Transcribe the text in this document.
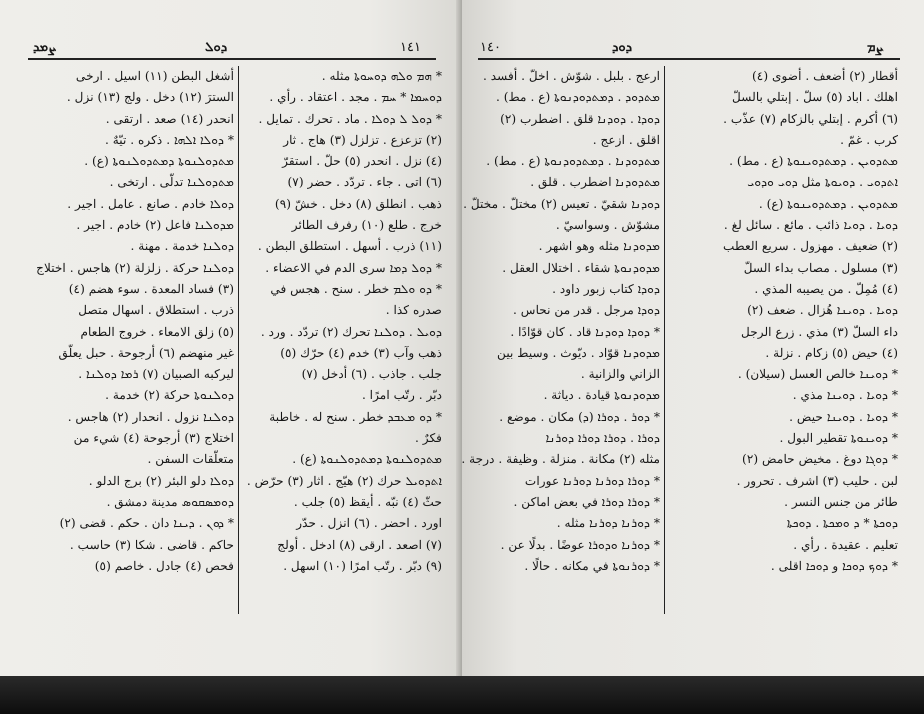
ܨܡܕ	ܕܘܠ	١٤١
أشغل البطن (١١) اسيل . ارخى
السترَ (١٢) دخل . ولج (١٣) نزل .
انحدر (١٤) صعد . ارتقى .
* ܕܘܠܐ ܐܠܗܐ . ذكره . تيّهٌ .
ܡܬܕܘܠܢܘܬܐ ܕܡܬܕܘܠܢܘܬܐ (ع) .
ܡܬܕܘܠܢܐ تدلّى . ارتخى .
ܕܘܠܐ خادم . صانع . عامل . اجير .
ܡܕܘܠܢܐ فاعل (٢) خادم . اجير .
ܕܘܠܢܐ خدمة . مهنة .
ܕܘܠܢܐ حركة . زلزلة (٢) هاجس . اختلاج
(٣) فساد المعدة . سوء هضم (٤)
ذرب . استطلاق . اسهال متصل
(٥) زلق الامعاء . خروج الطعام
غير منهضم (٦) أرجوحة . حبل يعلّق
ليركبه الصبيان (٧) ܪܡܐ ܕܘܠܢܐ .
ܕܘܠܢܘܬܐ حركة (٢) خدمة .
ܕܘܠܢܐ نزول . انحدار (٢) هاجس .
اختلاج (٣) أرجوحة (٤) شيء من
متعلّقات السفن .
ܕܘܠܐ دلو البئر (٢) برج الدلو .
ܕܘܡܣܩܘܣ مدينة دمشق .
* ܕܘܢ . ܕܝܢܐ دان . حكم . قضى (٢)
حاكم . قاضى . شكا (٣) حاسب .
فحص (٤) جادل . خاصم (٥)
* ܗܡ ܘܠܗ ܕܘܚܘܬܐ مثله .
ܕܘܚܡܐ * ܚܡ . مجد . اعتقاد . رأي .
* ܕܘܠ ܠ ܕܘܠܐ . ماد . تحرك . تمايل .
(٢) تزعزع . تزلزل (٣) هاج . ثار
(٤) نزل . انحدر (٥) حلّ . استقرّ
(٦) اتى . جاء . تردّد . حضر (٧)
ذهب . انطلق (٨) دخل . خشّ (٩)
خرج . طلع (١٠) رفرف الطائر
(١١) ذرب . أسهل . استطلق البطن .
* ܕܘܠ ܕܡܐ سرى الدم في الاعضاء .
* ܕܘ ܘܠܡ خطر . سنح . هجس في
صدره كذا .
ܕܘܝܠ . ܕܘܠܢܐ تحرك (٢) تردّد . ورد .
ذهب وآب (٣) خدم (٤) حرّك (٥)
جلب . جاذب . (٦) أدخل (٧)
دبّر . رتّب امرًا .
* ܕܘ ܡܥܒܕ خطر . سنح له . خاطبة
فكرٌ .
ܡܬܕܘܠܢܘܬܐ ܕܡܬܕܘܠܢܘܬܐ (ع) .
ܐܬܕܘܝܠ حرك (٢) هيّج . اثار (٣) حرّض .
حثّ (٤) نبّه . أيقظ (٥) جلب .
اورد . احضر . (٦) انزل . حدّر
(٧) اصعد . ارقى (٨) ادخل . أولج
(٩) دبّر . رتّب امرًا (١٠) اسهل .
١٤٠	ܕܘܕ	ܨܡ
ارعج . بلبل . شوّش . اخلّ . أفسد .
ܡܬܕܘܕ . ܕܡܬܕܘܕܢܘܬܐ (ع . مط) .
ܕܘܕܐ . ܕܘܕܢܐ قلق . اضطرب (٢)
اقلق . ازعج .
ܡܬܕܘܕܢܐ . ܕܡܬܕܘܕܢܘܬܐ (ع . مط) .
ܡܬܕܘܕܢܐ اضطرب . قلق .
ܕܘܕܢܐ شقيّ . تعيس (٢) مختلّ . مختلّ .
مشوّش . وسواسيّ .
ܡܕܘܕܢܐ مثله وهو اشهر .
ܡܕܘܕܢܘܬܐ شقاء . اختلال العقل .
ܕܘܕܐ كتاب زبور داود .
ܕܘܕܐ مرجل . قدر من نحاس .
* ܕܘܕܐ ܕܘܕܢܐ قاد . كان قوّادًا .
ܡܕܘܕܢܐ قوّاد . ديّوث . وسيط بين
الزاني والزانية .
ܡܕܘܕܢܘܬܐ قيادة . دياثة .
* ܕܘܪ . ܕܘܪܐ (ܕ) مكان . موضع .
ܕܘܪܐ . ܕܘܪܐ ܕܘܪܐ ܕܘܪܢܐ
مثله (٢) مكانة . منزلة . وظيفة . درجة .
* ܕܘܪܐ ܕܘܪܢܐ ܕܘܪܢܐ عورات
* ܕܘܪܐ ܕܘܪܐ في بعض اماكن .
* ܕܘܪܢܐ ܕܘܪܢܐ مثله .
* ܕܘܪܢܐ ܘܕܘܪܐ عوضًا . بدلًا عن .
* ܕܘܪܢܘܬܐ في مكانه . حالًا .
أقطار (٢) أضعف . أضوى (٤)
اهلك . اباد (٥) سلّ . إبتلي بالسلّ
(٦) أكرم . إبتلي بالزكام (٧) عذّب .
كرب . غمّ .
ܡܬܕܘܝܢ . ܕܡܬܕܘܝܢܘܬܐ (ع . مط) .
ܐܬܕܘܝ . ܕܘܝܘܬܐ مثل ܕܘܝ ܘܕܘܝ
ܡܬܕܘܝܢ . ܕܡܬܕܘܝܢܘܬܐ (ع) .
ܕܘܝܐ . ܕܘܝܐ ذائب . مائع . سائل لغ .
(٢) ضعيف . مهزول . سريع العطب
(٣) مسلول . مصاب بداء السلّ
(٤) مُمِلّ . من يصيبه المذي .
ܕܘܝܐ . ܕܘܝܢܐ هُزال . ضعف (٢)
داء السلّ (٣) مذي . زرع الرجل
(٤) حيض (٥) زكام . نزلة .
* ܕܘܝܢܐ خالص العسل (سيلان) .
* ܕܘܝܐ . ܕܘܝܢܐ مذي .
* ܕܘܝܐ . ܕܘܝܢܐ حيض .
* ܕܘܝܢܘܬܐ تقطير البول .
* ܕܘܓܐ دوغ . مخيض حامض (٢)
لبن . حليب (٣) اشرف . تحرور .
طائر من جنس النسر .
ܕܘܟܬܐ * ܕ ܘܡܟܬܐ . ܕܘܟܬܐ
تعليم . عقيدة . رأي .
* ܕܘܟ ܕܘܟܐ و ܕܘܟܐ اقلى .
